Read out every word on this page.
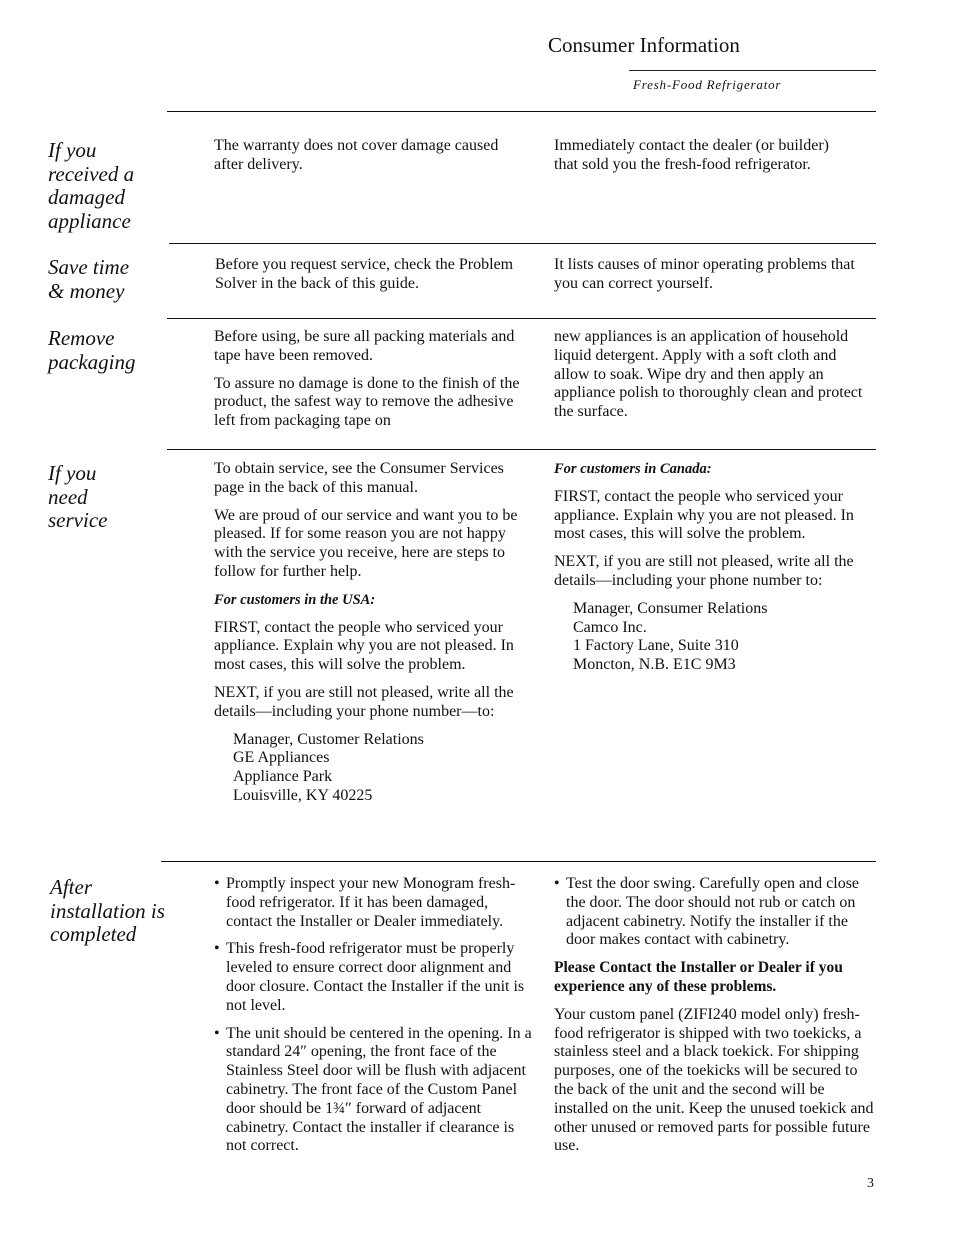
Consumer Information
Fresh-Food Refrigerator
If you received a damaged appliance

The warranty does not cover damage caused after delivery.

Immediately contact the dealer (or builder) that sold you the fresh-food refrigerator.

Save time
& money

Before you request service, check the Problem Solver in the back of this guide.

It lists causes of minor operating problems that you can correct yourself.

Remove packaging

Before using, be sure all packing materials and tape have been removed.

To assure no damage is done to the finish of the product, the safest way to remove the adhesive left from packaging tape on

new appliances is an application of household liquid detergent. Apply with a soft cloth and allow to soak. Wipe dry and then apply an appliance polish to thoroughly clean and protect the surface.

If you need service

To obtain service, see the Consumer Services page in the back of this manual.

We are proud of our service and want you to be pleased. If for some reason you are not happy with the service you receive, here are steps to follow for further help.

For customers in the USA:

FIRST, contact the people who serviced your appliance. Explain why you are not pleased. In most cases, this will solve the problem.

NEXT, if you are still not pleased, write all the details—including your phone number—to:

Manager, Customer Relations
GE Appliances
Appliance Park
Louisville, KY 40225

For customers in Canada:

FIRST, contact the people who serviced your appliance. Explain why you are not pleased. In most cases, this will solve the problem.

NEXT, if you are still not pleased, write all the details—including your phone number to:

Manager, Consumer Relations
Camco Inc.
1 Factory Lane, Suite 310
Moncton, N.B. E1C 9M3
After installation is completed
• Promptly inspect your new Monogram fresh-food refrigerator. If it has been damaged, contact the Installer or Dealer immediately.
• This fresh-food refrigerator must be properly leveled to ensure correct door alignment and door closure. Contact the Installer if the unit is not level.
• The unit should be centered in the opening. In a standard 24″ opening, the front face of the Stainless Steel door will be flush with adjacent cabinetry. The front face of the Custom Panel door should be 1¾″ forward of adjacent cabinetry. Contact the installer if clearance is not correct.
• Test the door swing. Carefully open and close the door. The door should not rub or catch on adjacent cabinetry. Notify the installer if the door makes contact with cabinetry.

Please Contact the Installer or Dealer if you experience any of these problems.

Your custom panel (ZIFI240 model only) fresh-food refrigerator is shipped with two toekicks, a stainless steel and a black toekick. For shipping purposes, one of the toekicks will be secured to the back of the unit and the second will be installed on the unit. Keep the unused toekick and other unused or removed parts for possible future use.

3
